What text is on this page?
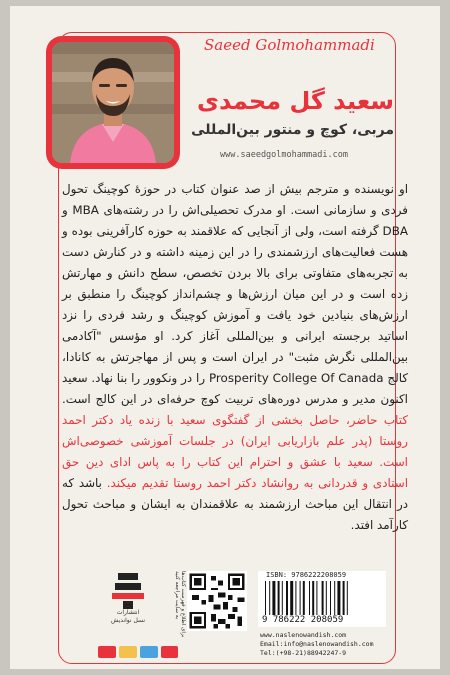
Saeed Golmohammadi
سعید گل محمدی
مربی، کوچ و منتور بین‌المللی
www.saeedgolmohammadi.com
او نویسنده و مترجم بیش از صد عنوان کتاب در حوزهٔ کوچینگ تحول فردی و سازمانی است. او مدرک تحصیلی‌اش را در رشته‌های MBA و DBA گرفته است، ولی از آنجایی که علاقمند به حوزه کارآفرینی بوده و هست فعالیت‌های ارزشمندی را در این زمینه داشته و در کنارش دست به تجربه‌های متفاوتی برای بالا بردن تخصص، سطح دانش و مهارتش زده است و در این میان ارزش‌ها و چشم‌انداز کوچینگ را منطبق بر ارزش‌های بنیادین خود یافت و آموزش کوچینگ و رشد فردی را نزد اساتید برجسته ایرانی و بین‌المللی آغاز کرد. او مؤسس "آکادمی بین‌المللی نگرش مثبت" در ایران است و پس از مهاجرتش به کانادا، کالج Prosperity College Of Canada را در ونکوور را بنا نهاد. سعید اکنون مدیر و مدرس دوره‌های تربیت کوچ حرفه‌ای در این کالج است. کتاب حاضر، حاصل بخشی از گفتگوی سعید با زنده یاد دکتر احمد روستا (پدر علم بازاریابی ایران) در جلسات آموزشی خصوصی‌اش است. سعید با عشق و احترام این کتاب را به پاس ادای دین حق استادی و قدردانی به روانشاد دکتر احمد روستا تقدیم میکند. باشد که در انتقال این مباحث ارزشمند به علاقمندان به ایشان و مباحث تحول کارآمد افتد.
انتشارات
نسل نواندیش	برای اطلاع و فهرست کتاب‌ها به سایت مراجعه کنید	ISBN: 9786222208059
9 786222 208059
www.naslenowandish.com
Email:info@naslenowandish.com
Tel:(+98-21)88942247-9
